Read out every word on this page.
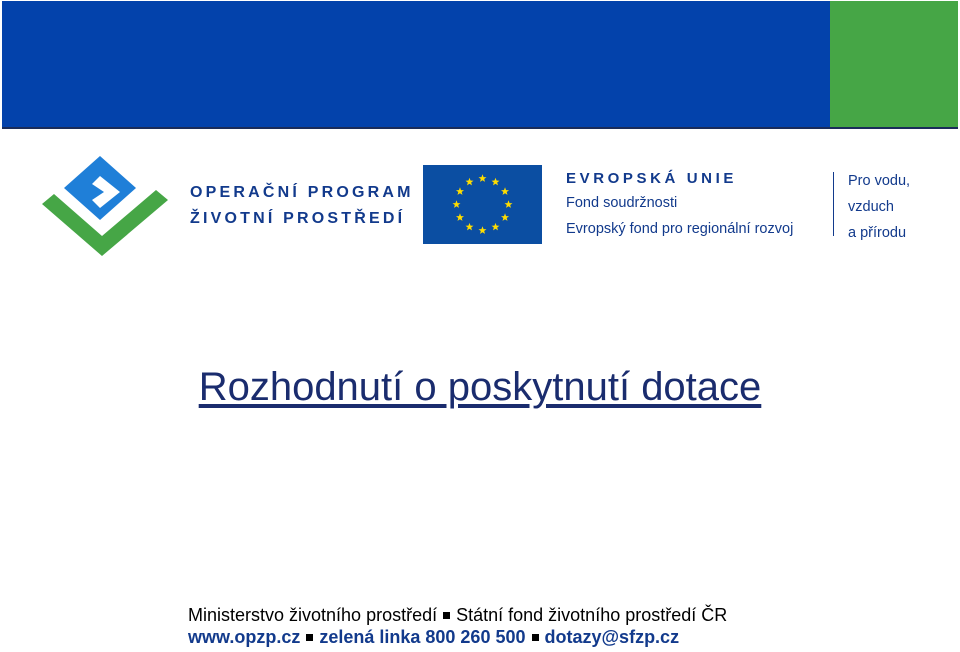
OPERAČNÍ PROGRAM
ŽIVOTNÍ PROSTŘEDÍ
EVROPSKÁ UNIE
Fond soudržnosti
Evropský fond pro regionální rozvoj
Pro vodu,
vzduch
a přírodu
Rozhodnutí o poskytnutí dotace
Ministerstvo životního prostředí Státní fond životního prostředí ČR
www.opzp.cz zelená linka 800 260 500 dotazy@sfzp.cz
